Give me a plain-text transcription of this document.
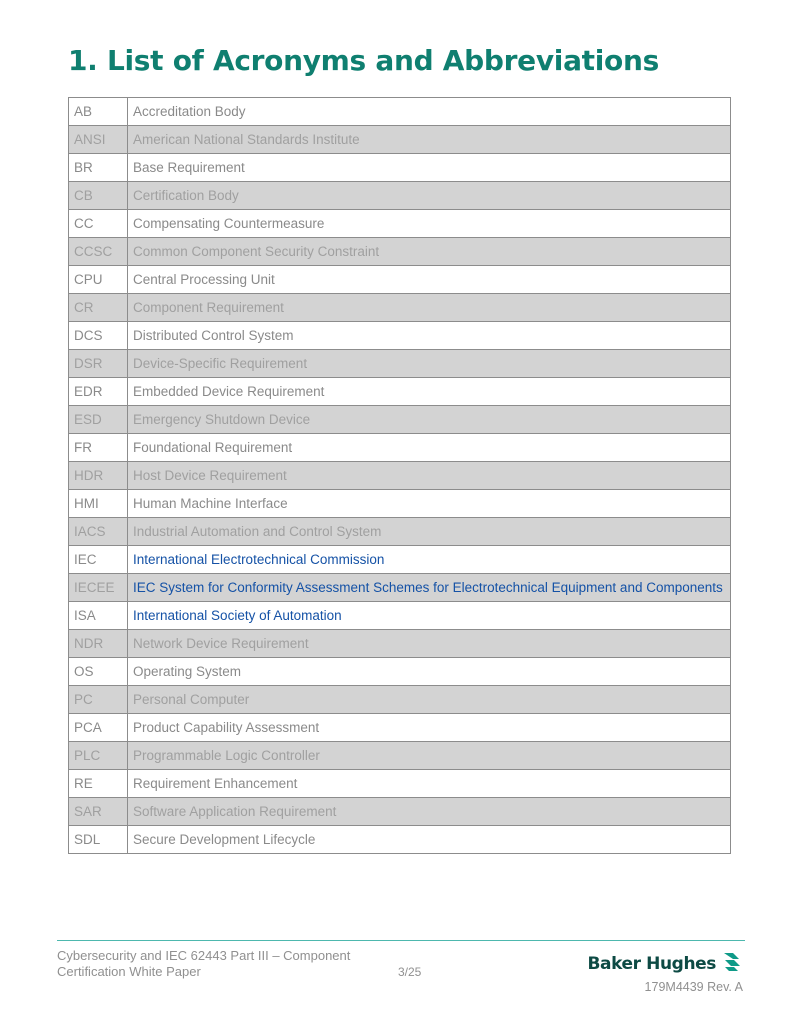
1. List of Acronyms and Abbreviations
AB	Accreditation Body
ANSI	American National Standards Institute
BR	Base Requirement
CB	Certification Body
CC	Compensating Countermeasure
CCSC	Common Component Security Constraint
CPU	Central Processing Unit
CR	Component Requirement
DCS	Distributed Control System
DSR	Device-Specific Requirement
EDR	Embedded Device Requirement
ESD	Emergency Shutdown Device
FR	Foundational Requirement
HDR	Host Device Requirement
HMI	Human Machine Interface
IACS	Industrial Automation and Control System
IEC	International Electrotechnical Commission
IECEE	IEC System for Conformity Assessment Schemes for Electrotechnical Equipment and Components
ISA	International Society of Automation
NDR	Network Device Requirement
OS	Operating System
PC	Personal Computer
PCA	Product Capability Assessment
PLC	Programmable Logic Controller
RE	Requirement Enhancement
SAR	Software Application Requirement
SDL	Secure Development Lifecycle
Cybersecurity and IEC 62443 Part III – Component Certification White Paper	3/25	Baker Hughes
179M4439 Rev. A
